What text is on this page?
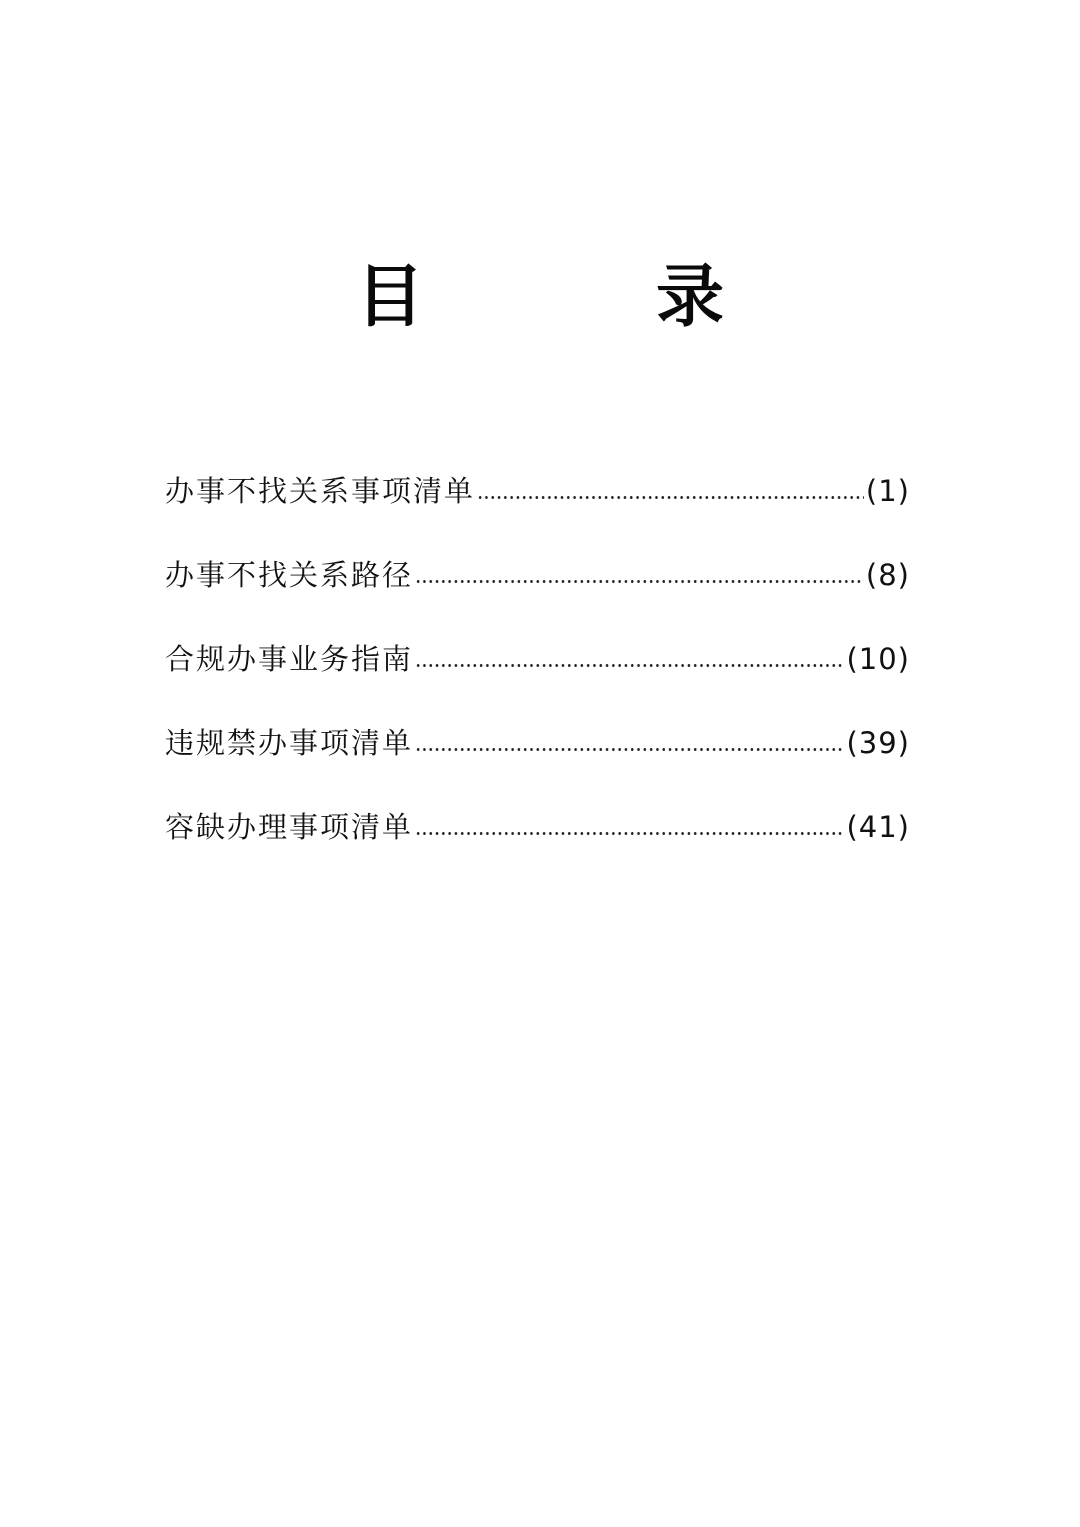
目　录
办事不找关系事项清单	(1)
办事不找关系路径	(8)
合规办事业务指南	(10)
违规禁办事项清单	(39)
容缺办理事项清单	(41)
